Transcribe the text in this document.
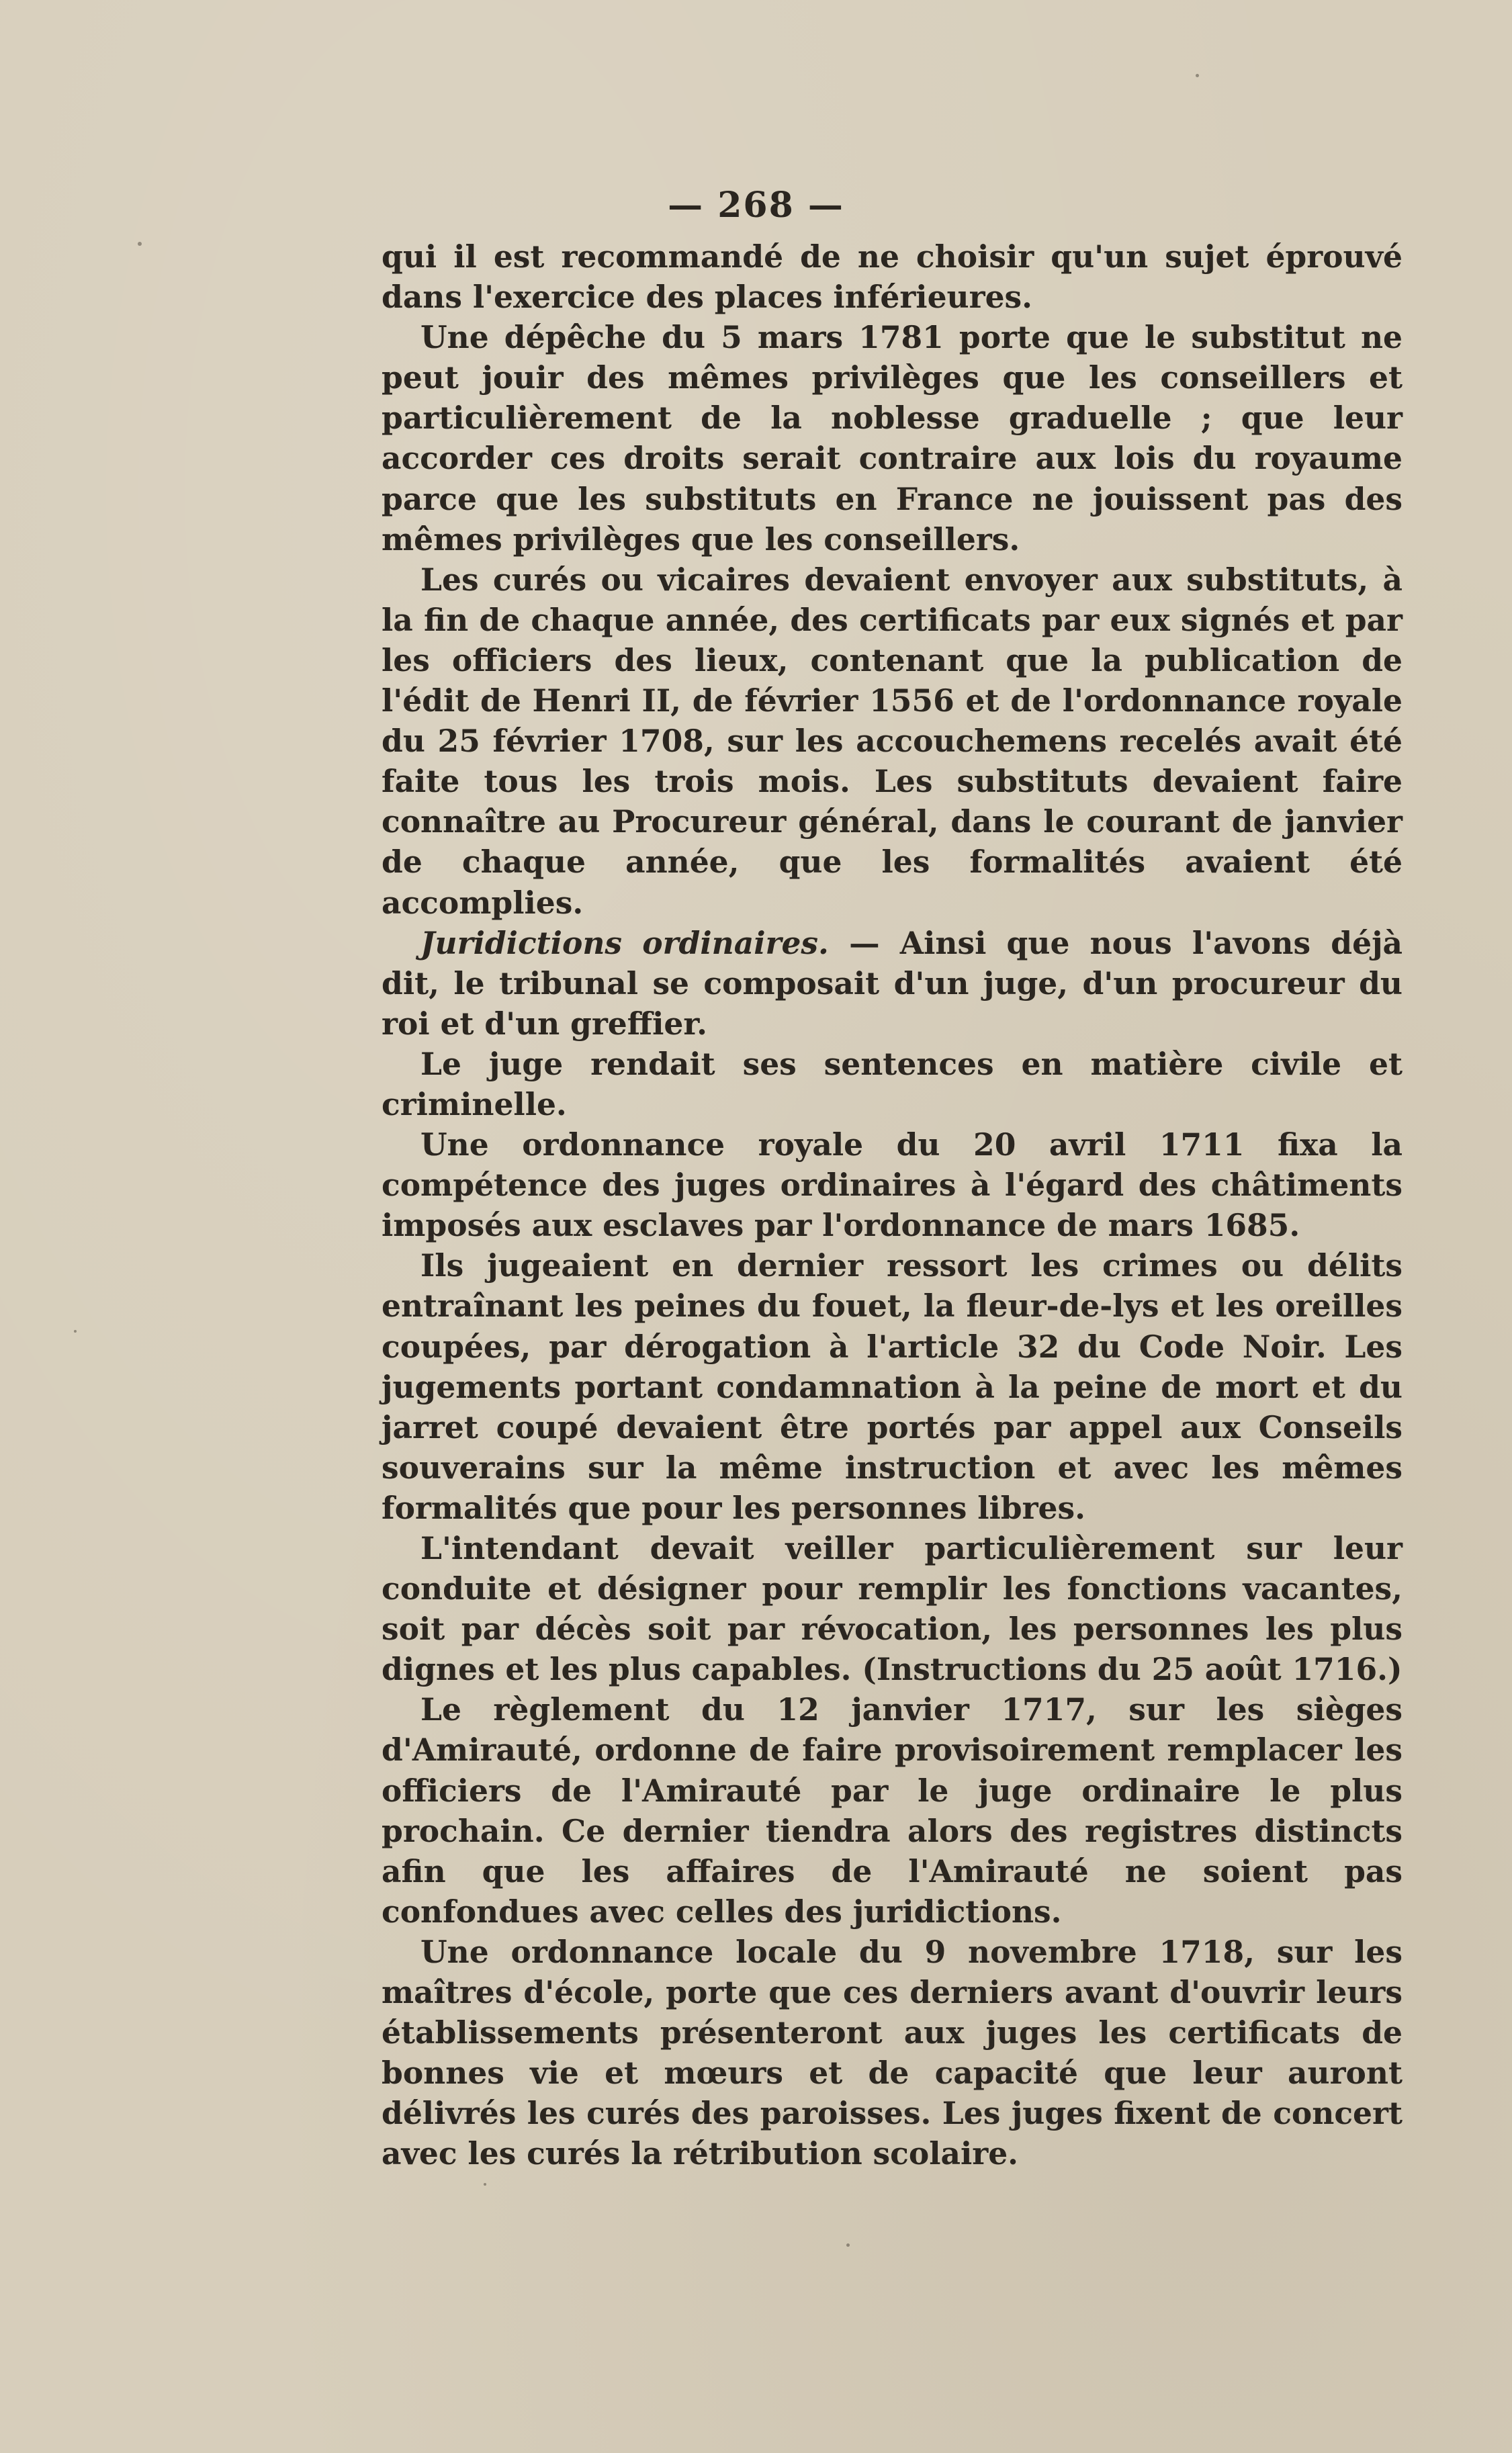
— 268 —

qui il est recommandé de ne choisir qu'un sujet éprouvé dans l'exercice des places inférieures.

Une dépêche du 5 mars 1781 porte que le substitut ne peut jouir des mêmes privilèges que les conseillers et particulièrement de la noblesse graduelle ; que leur accorder ces droits serait contraire aux lois du royaume parce que les substituts en France ne jouissent pas des mêmes privilèges que les conseillers.

Les curés ou vicaires devaient envoyer aux substituts, à la fin de chaque année, des certificats par eux signés et par les officiers des lieux, contenant que la publication de l'édit de Henri II, de février 1556 et de l'ordonnance royale du 25 février 1708, sur les accouchemens recelés avait été faite tous les trois mois. Les substituts devaient faire connaître au Procureur général, dans le courant de janvier de chaque année, que les formalités avaient été accomplies.

Juridictions ordinaires. — Ainsi que nous l'avons déjà dit, le tribunal se composait d'un juge, d'un procureur du roi et d'un greffier.

Le juge rendait ses sentences en matière civile et criminelle.

Une ordonnance royale du 20 avril 1711 fixa la compétence des juges ordinaires à l'égard des châtiments imposés aux esclaves par l'ordonnance de mars 1685.

Ils jugeaient en dernier ressort les crimes ou délits entraînant les peines du fouet, la fleur-de-lys et les oreilles coupées, par dérogation à l'article 32 du Code Noir. Les jugements portant condamnation à la peine de mort et du jarret coupé devaient être portés par appel aux Conseils souverains sur la même instruction et avec les mêmes formalités que pour les personnes libres.

L'intendant devait veiller particulièrement sur leur conduite et désigner pour remplir les fonctions vacantes, soit par décès soit par révocation, les personnes les plus dignes et les plus capables. (Instructions du 25 août 1716.)

Le règlement du 12 janvier 1717, sur les sièges d'Amirauté, ordonne de faire provisoirement remplacer les officiers de l'Amirauté par le juge ordinaire le plus prochain. Ce dernier tiendra alors des registres distincts afin que les affaires de l'Amirauté ne soient pas confondues avec celles des juridictions.

Une ordonnance locale du 9 novembre 1718, sur les maîtres d'école, porte que ces derniers avant d'ouvrir leurs établissements présenteront aux juges les certificats de bonnes vie et mœurs et de capacité que leur auront délivrés les curés des paroisses. Les juges fixent de concert avec les curés la rétribution scolaire.
